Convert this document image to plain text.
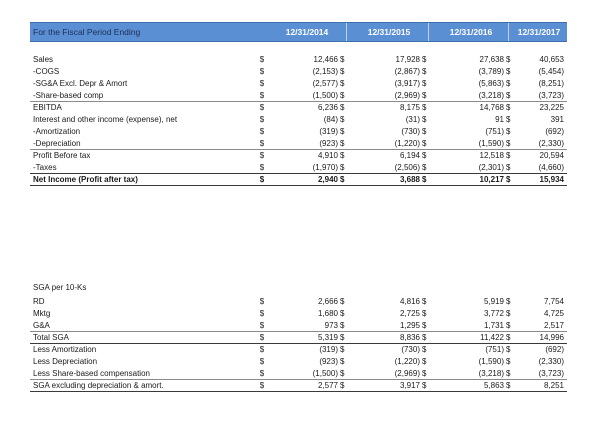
For the Fiscal Period Ending	12/31/2014	12/31/2015	12/31/2016	12/31/2017
Sales	$	12,466 $	17,928 $	27,638 $	40,653
-COGS	$	(2,153) $	(2,867) $	(3,789) $	(5,454)
-SG&A Excl. Depr & Amort	$	(2,577) $	(3,917) $	(5,863) $	(8,251)
-Share-based comp	$	(1,500) $	(2,969) $	(3,218) $	(3,723)
EBITDA	$	6,236 $	8,175 $	14,768 $	23,225
Interest and other income (expense), net	$	(84) $	(31) $	91 $	391
-Amortization	$	(319) $	(730) $	(751) $	(692)
-Depreciation	$	(923) $	(1,220) $	(1,590) $	(2,330)
Profit Before tax	$	4,910 $	6,194 $	12,518 $	20,594
-Taxes	$	(1,970) $	(2,506) $	(2,301) $	(4,660)
Net Income (Profit after tax)	$	2,940 $	3,688 $	10,217 $	15,934
SGA per 10-Ks
RD	$	2,666 $	4,816 $	5,919 $	7,754
Mktg	$	1,680 $	2,725 $	3,772 $	4,725
G&A	$	973 $	1,295 $	1,731 $	2,517
Total SGA	$	5,319 $	8,836 $	11,422 $	14,996
Less Amortization	$	(319) $	(730) $	(751) $	(692)
Less Depreciation	$	(923) $	(1,220) $	(1,590) $	(2,330)
Less Share-based compensation	$	(1,500) $	(2,969) $	(3,218) $	(3,723)
SGA excluding depreciation & amort.	$	2,577 $	3,917 $	5,863 $	8,251
